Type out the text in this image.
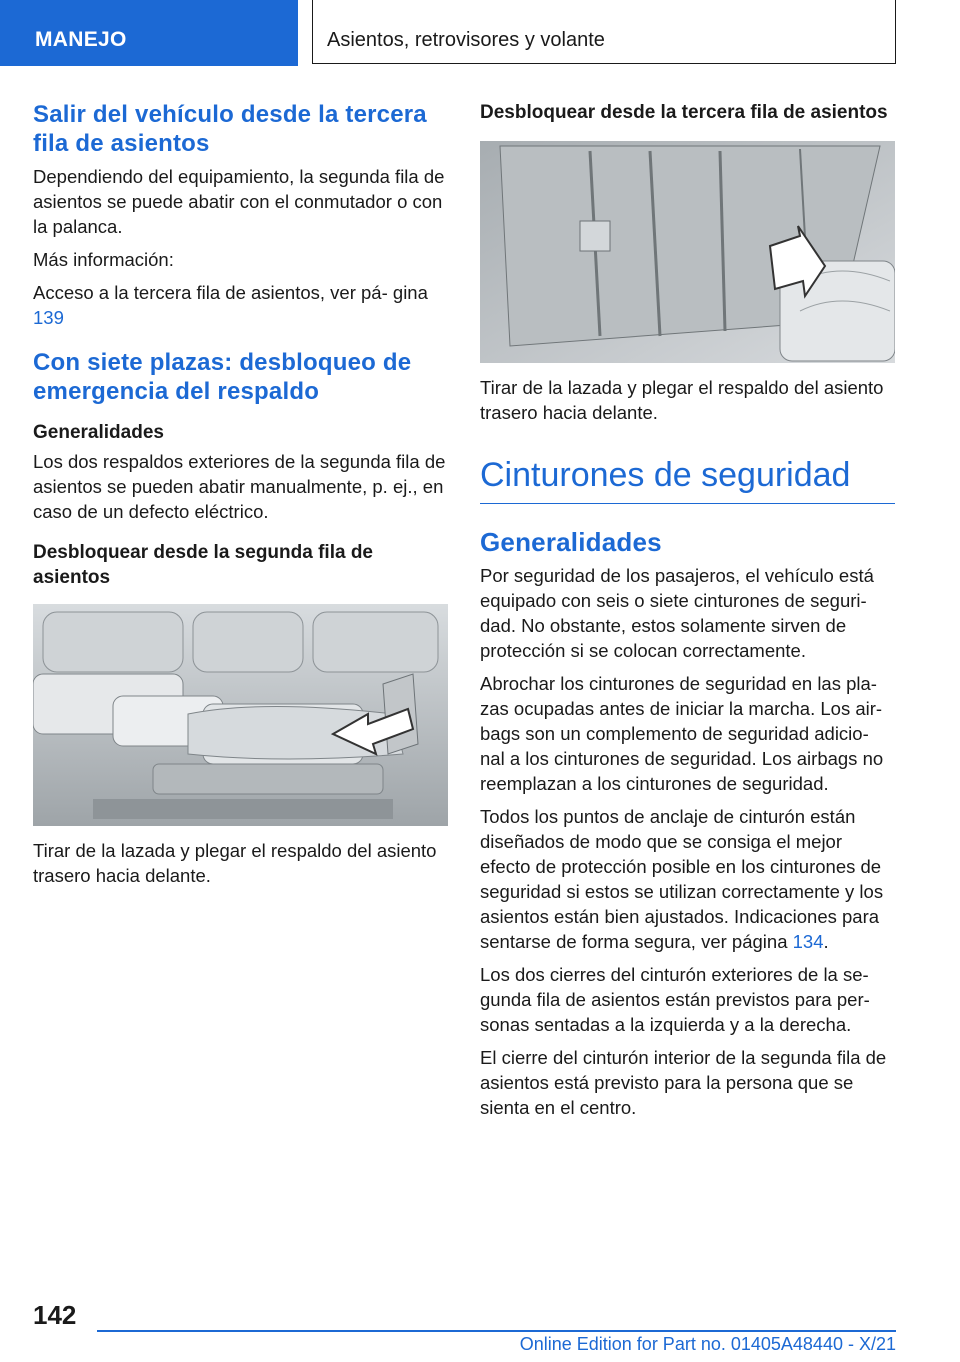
MANEJO	Asientos, retrovisores y volante
Salir del vehículo desde la tercera fila de asientos

Dependiendo del equipamiento, la segunda fila de asientos se puede abatir con el conmutador o con la palanca.

Más información:

Acceso a la tercera fila de asientos, ver pá‐ gina 139

Con siete plazas: desbloqueo de emergencia del respaldo
Generalidades

Los dos respaldos exteriores de la segunda fila de asientos se pueden abatir manualmente, p. ej., en caso de un defecto eléctrico.

Desbloquear desde la segunda fila de asientos

Tirar de la lazada y plegar el respaldo del asiento trasero hacia delante.

Desbloquear desde la tercera fila de asientos

Tirar de la lazada y plegar el respaldo del asiento trasero hacia delante.

Cinturones de seguridad
Generalidades

Por seguridad de los pasajeros, el vehículo está equipado con seis o siete cinturones de seguri‐ dad. No obstante, estos solamente sirven de protección si se colocan correctamente.

Abrochar los cinturones de seguridad en las pla‐ zas ocupadas antes de iniciar la marcha. Los air‐ bags son un complemento de seguridad adicio‐ nal a los cinturones de seguridad. Los airbags no reemplazan a los cinturones de seguridad.

Todos los puntos de anclaje de cinturón están diseñados de modo que se consiga el mejor efecto de protección posible en los cinturones de seguridad si estos se utilizan correctamente y los asientos están bien ajustados. Indicaciones para sentarse de forma segura, ver página 134.

Los dos cierres del cinturón exteriores de la se‐ gunda fila de asientos están previstos para per‐ sonas sentadas a la izquierda y a la derecha.

El cierre del cinturón interior de la segunda fila de asientos está previsto para la persona que se sienta en el centro.

142
Online Edition for Part no. 01405A48440 - X/21
